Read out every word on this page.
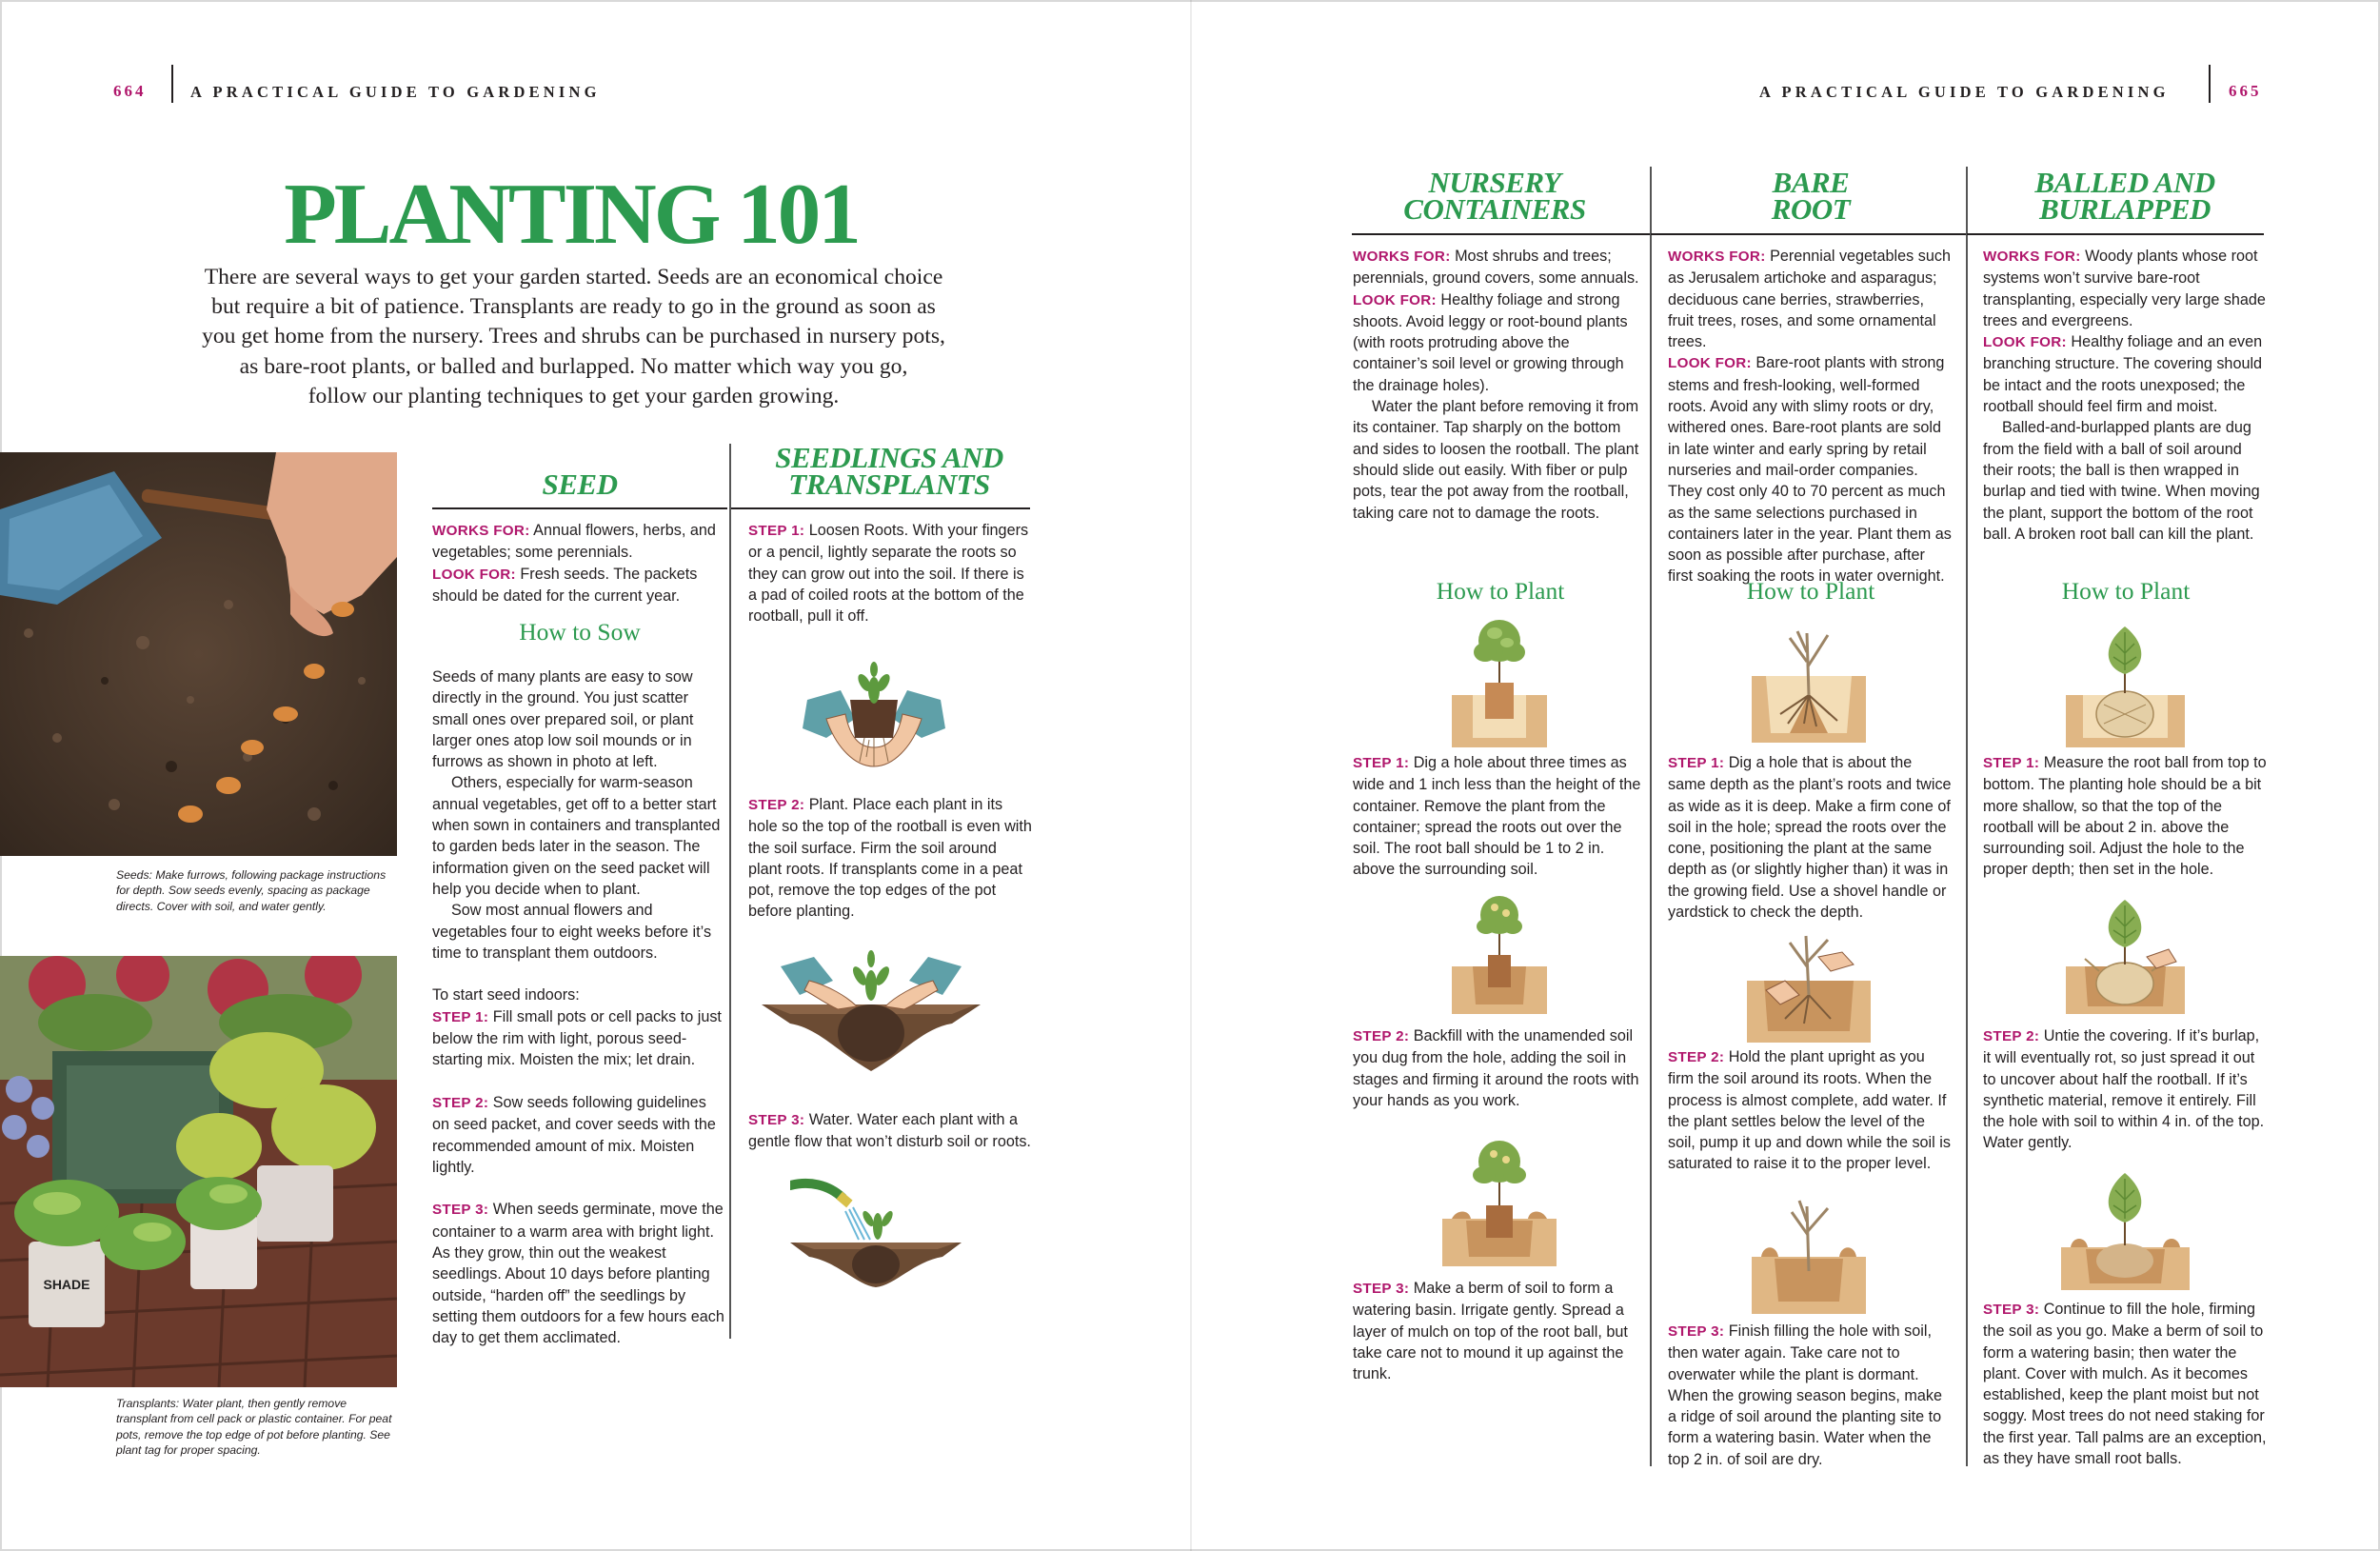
664	A PRACTICAL GUIDE TO GARDENING	A PRACTICAL GUIDE TO GARDENING	665
PLANTING 101
There are several ways to get your garden started. Seeds are an economical choice
but require a bit of patience. Transplants are ready to go in the ground as soon as
you get home from the nursery. Trees and shrubs can be purchased in nursery pots,
as bare-root plants, or balled and burlapped. No matter which way you go,
follow our planting techniques to get your garden growing.
Seeds: Make furrows, following package instructions for depth. Sow seeds evenly, spacing as package directs. Cover with soil, and water gently.
SHADE
Transplants: Water plant, then gently remove transplant from cell pack or plastic container. For peat pots, remove the top edge of pot before planting. See plant tag for proper spacing.
SEED

WORKS FOR: Annual flowers, herbs, and vegetables; some perennials.

LOOK FOR: Fresh seeds. The packets should be dated for the current year.

How to Sow

Seeds of many plants are easy to sow directly in the ground. You just scatter small ones over prepared soil, or plant larger ones atop low soil mounds or in furrows as shown in photo at left.

Others, especially for warm-season annual vegetables, get off to a better start when sown in containers and transplanted to garden beds later in the season. The information given on the seed packet will help you decide when to plant.

Sow most annual flowers and vegetables four to eight weeks before it’s time to transplant them outdoors.

To start seed indoors:

STEP 1: Fill small pots or cell packs to just below the rim with light, porous seed-starting mix. Moisten the mix; let drain.

STEP 2: Sow seeds following guidelines on seed packet, and cover seeds with the recommended amount of mix. Moisten lightly.

STEP 3: When seeds germinate, move the container to a warm area with bright light. As they grow, thin out the weakest seedlings. About 10 days before planting outside, “harden off” the seedlings by setting them outdoors for a few hours each day to get them acclimated.

SEEDLINGS AND
TRANSPLANTS

STEP 1: Loosen Roots. With your fingers or a pencil, lightly separate the roots so they can grow out into the soil. If there is a pad of coiled roots at the bottom of the rootball, pull it off.

STEP 2: Plant. Place each plant in its hole so the top of the rootball is even with the soil surface. Firm the soil around plant roots. If transplants come in a peat pot, remove the top edges of the pot before planting.

STEP 3: Water. Water each plant with a gentle flow that won’t disturb soil or roots.

NURSERY
CONTAINERS

WORKS FOR: Most shrubs and trees; perennials, ground covers, some annuals.

LOOK FOR: Healthy foliage and strong shoots. Avoid leggy or root-bound plants (with roots protruding above the container’s soil level or growing through the drainage holes).

Water the plant before removing it from its container. Tap sharply on the bottom and sides to loosen the rootball. The plant should slide out easily. With fiber or pulp pots, tear the pot away from the rootball, taking care not to damage the roots.

How to Plant

STEP 1: Dig a hole about three times as wide and 1 inch less than the height of the container. Remove the plant from the container; spread the roots out over the soil. The root ball should be 1 to 2 in. above the surrounding soil.

STEP 2: Backfill with the unamended soil you dug from the hole, adding the soil in stages and firming it around the roots with your hands as you work.

STEP 3: Make a berm of soil to form a watering basin. Irrigate gently. Spread a layer of mulch on top of the root ball, but take care not to mound it up against the trunk.

BARE
ROOT

WORKS FOR: Perennial vegetables such as Jerusalem artichoke and asparagus; deciduous cane berries, strawberries, fruit trees, roses, and some ornamental trees.

LOOK FOR: Bare-root plants with strong stems and fresh-looking, well-formed roots. Avoid any with slimy roots or dry, withered ones. Bare-root plants are sold in late winter and early spring by retail nurseries and mail-order companies. They cost only 40 to 70 percent as much as the same selections purchased in containers later in the year. Plant them as soon as possible after purchase, after first soaking the roots in water overnight.

How to Plant

STEP 1: Dig a hole that is about the same depth as the plant’s roots and twice as wide as it is deep. Make a firm cone of soil in the hole; spread the roots over the cone, positioning the plant at the same depth as (or slightly higher than) it was in the growing field. Use a shovel handle or yardstick to check the depth.

STEP 2: Hold the plant upright as you firm the soil around its roots. When the process is almost complete, add water. If the plant settles below the level of the soil, pump it up and down while the soil is saturated to raise it to the proper level.

STEP 3: Finish filling the hole with soil, then water again. Take care not to overwater while the plant is dormant. When the growing season begins, make a ridge of soil around the planting site to form a watering basin. Water when the top 2 in. of soil are dry.

BALLED AND
BURLAPPED

WORKS FOR: Woody plants whose root systems won’t survive bare-root transplanting, especially very large shade trees and evergreens.

LOOK FOR: Healthy foliage and an even branching structure. The covering should be intact and the roots unexposed; the rootball should feel firm and moist.

Balled-and-burlapped plants are dug from the field with a ball of soil around their roots; the ball is then wrapped in burlap and tied with twine. When moving the plant, support the bottom of the root ball. A broken root ball can kill the plant.

How to Plant

STEP 1: Measure the root ball from top to bottom. The planting hole should be a bit more shallow, so that the top of the rootball will be about 2 in. above the surrounding soil. Adjust the hole to the proper depth; then set in the hole.

STEP 2: Untie the covering. If it’s burlap, it will eventually rot, so just spread it out to uncover about half the rootball. If it’s synthetic material, remove it entirely. Fill the hole with soil to within 4 in. of the top. Water gently.

STEP 3: Continue to fill the hole, firming the soil as you go. Make a berm of soil to form a watering basin; then water the plant. Cover with mulch. As it becomes established, keep the plant moist but not soggy. Most trees do not need staking for the first year. Tall palms are an exception, as they have small root balls.
